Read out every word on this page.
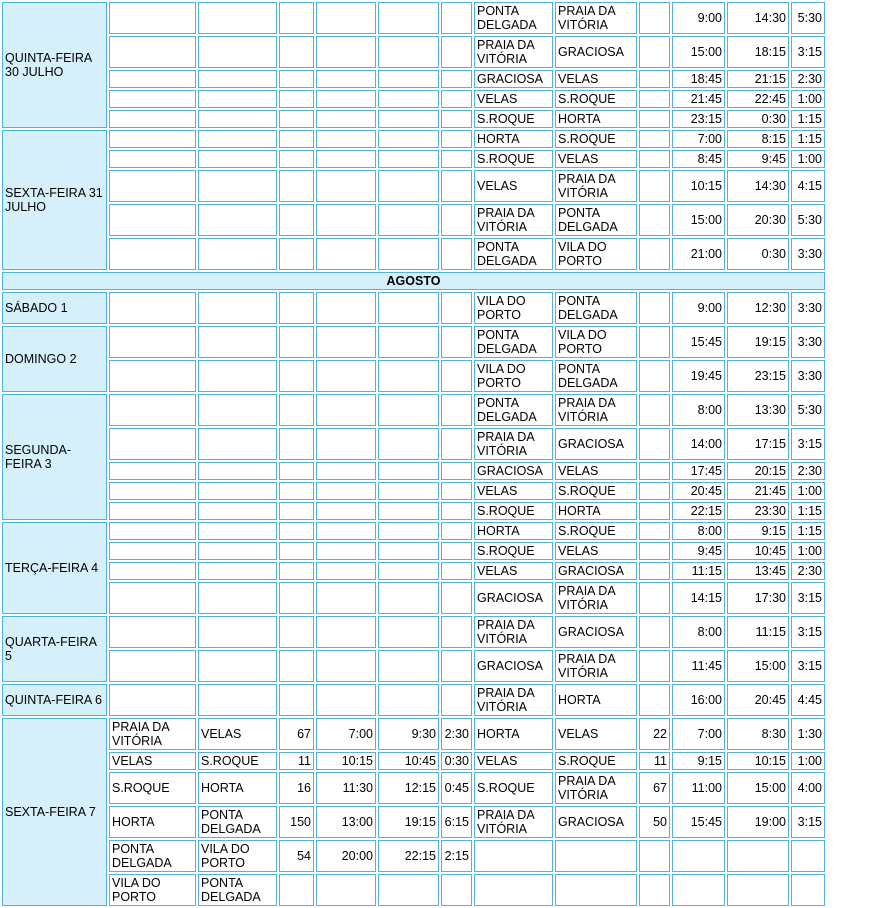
QUINTA-FEIRA 30 JULHO							PONTA DELGADA	PRAIA DA VITÓRIA		9:00	14:30	5:30
							PRAIA DA VITÓRIA	GRACIOSA		15:00	18:15	3:15
							GRACIOSA	VELAS		18:45	21:15	2:30
							VELAS	S.ROQUE		21:45	22:45	1:00
							S.ROQUE	HORTA		23:15	0:30	1:15
SEXTA-FEIRA 31 JULHO							HORTA	S.ROQUE		7:00	8:15	1:15
							S.ROQUE	VELAS		8:45	9:45	1:00
							VELAS	PRAIA DA VITÓRIA		10:15	14:30	4:15
							PRAIA DA VITÓRIA	PONTA DELGADA		15:00	20:30	5:30
							PONTA DELGADA	VILA DO PORTO		21:00	0:30	3:30
AGOSTO												
SÁBADO 1							VILA DO PORTO	PONTA DELGADA		9:00	12:30	3:30
DOMINGO 2							PONTA DELGADA	VILA DO PORTO		15:45	19:15	3:30
							VILA DO PORTO	PONTA DELGADA		19:45	23:15	3:30
SEGUNDA-FEIRA 3							PONTA DELGADA	PRAIA DA VITÓRIA		8:00	13:30	5:30
							PRAIA DA VITÓRIA	GRACIOSA		14:00	17:15	3:15
							GRACIOSA	VELAS		17:45	20:15	2:30
							VELAS	S.ROQUE		20:45	21:45	1:00
							S.ROQUE	HORTA		22:15	23:30	1:15
TERÇA-FEIRA 4							HORTA	S.ROQUE		8:00	9:15	1:15
							S.ROQUE	VELAS		9:45	10:45	1:00
							VELAS	GRACIOSA		11:15	13:45	2:30
							GRACIOSA	PRAIA DA VITÓRIA		14:15	17:30	3:15
QUARTA-FEIRA 5							PRAIA DA VITÓRIA	GRACIOSA		8:00	11:15	3:15
							GRACIOSA	PRAIA DA VITÓRIA		11:45	15:00	3:15
QUINTA-FEIRA 6							PRAIA DA VITÓRIA	HORTA		16:00	20:45	4:45
SEXTA-FEIRA 7	PRAIA DA VITÓRIA	VELAS	67	7:00	9:30	2:30	HORTA	VELAS	22	7:00	8:30	1:30
	VELAS	S.ROQUE	11	10:15	10:45	0:30	VELAS	S.ROQUE	11	9:15	10:15	1:00
	S.ROQUE	HORTA	16	11:30	12:15	0:45	S.ROQUE	PRAIA DA VITÓRIA	67	11:00	15:00	4:00
	HORTA	PONTA DELGADA	150	13:00	19:15	6:15	PRAIA DA VITÓRIA	GRACIOSA	50	15:45	19:00	3:15
	PONTA DELGADA	VILA DO PORTO	54	20:00	22:15	2:15						
	VILA DO PORTO	PONTA DELGADA										
